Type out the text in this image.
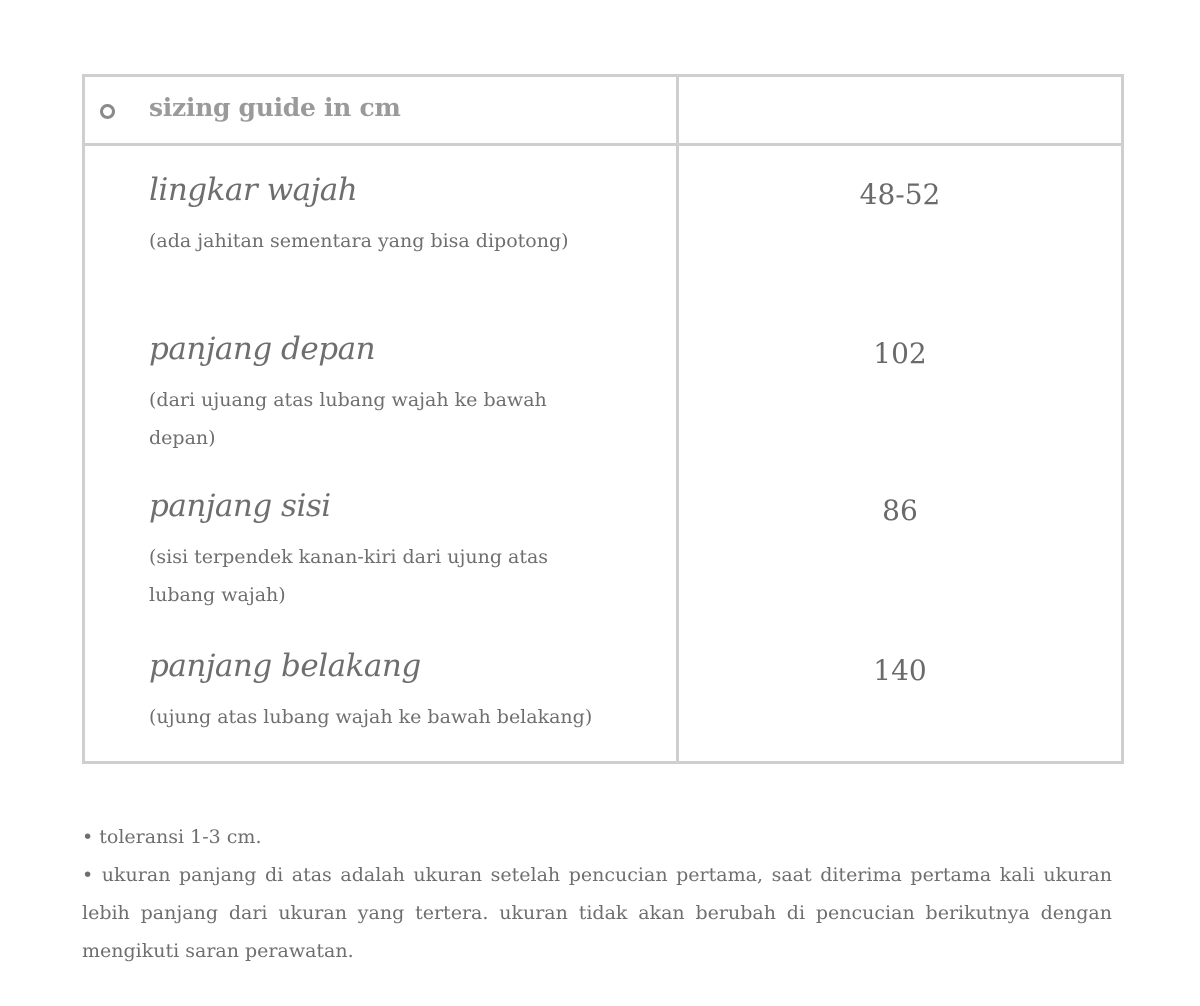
sizing guide in cm
lingkar wajah
(ada jahitan sementara yang bisa dipotong)
48-52
panjang depan
(dari ujuang atas lubang wajah ke bawah depan)
102
panjang sisi
(sisi terpendek kanan-kiri dari ujung atas lubang wajah)
86
panjang belakang
(ujung atas lubang wajah ke bawah belakang)
140

• toleransi 1-3 cm.

• ukuran panjang di atas adalah ukuran setelah pencucian pertama, saat diterima pertama kali ukuran lebih panjang dari ukuran yang tertera. ukuran tidak akan berubah di pencucian berikutnya dengan mengikuti saran perawatan.
